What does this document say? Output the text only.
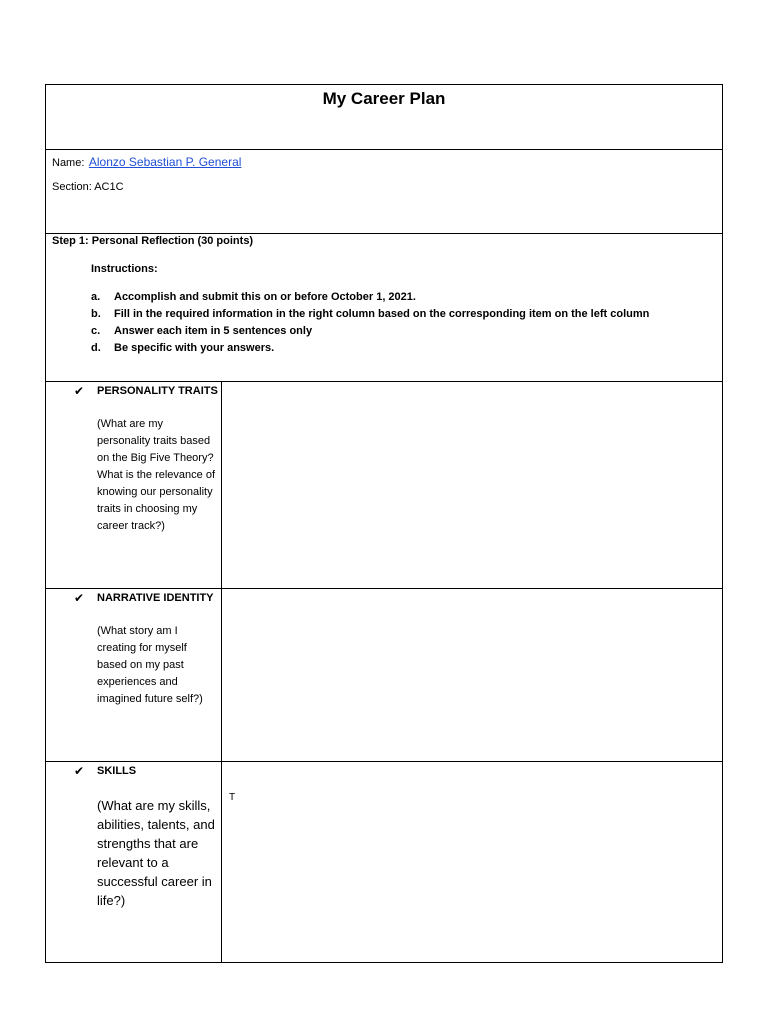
My Career Plan
Name: Alonzo Sebastian P. General
Section: AC1C
Step 1: Personal Reflection (30 points)
Instructions:
a.	Accomplish and submit this on or before October 1, 2021.
b.	Fill in the required information in the right column based on the corresponding item on the left column
c.	Answer each item in 5 sentences only
d.	Be specific with your answers.
✔ PERSONALITY TRAITS
(What are my personality traits based on the Big Five Theory? What is the relevance of knowing our personality traits in choosing my career track?)
✔ NARRATIVE IDENTITY
(What story am I creating for myself based on my past experiences and imagined future self?)
✔ SKILLS
(What are my skills, abilities, talents, and strengths that are relevant to a successful career in life?)
T
